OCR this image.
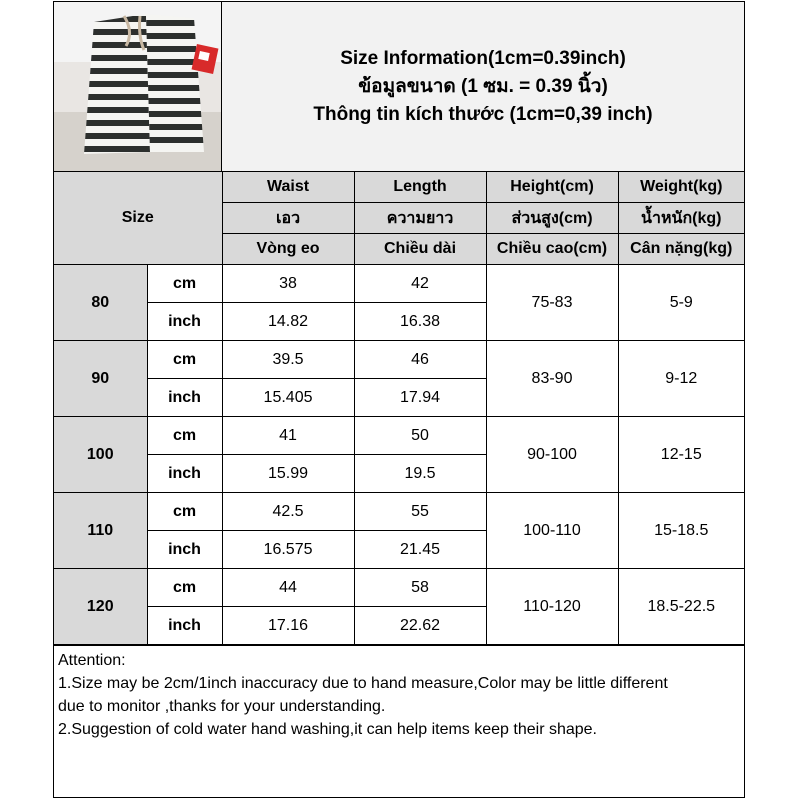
Size Information(1cm=0.39inch)
ข้อมูลขนาด (1 ซม. = 0.39 นิ้ว)
Thông tin kích thước (1cm=0,39 inch)
Size		Waist	Length	Height(cm)	Weight(kg)
		เอว	ความยาว	ส่วนสูง(cm)	น้ำหนัก(kg)
		Vòng eo	Chiều dài	Chiều cao(cm)	Cân nặng(kg)
80	cm	38	42	75-83	5-9
	inch	14.82	16.38		
90	cm	39.5	46	83-90	9-12
	inch	15.405	17.94		
100	cm	41	50	90-100	12-15
	inch	15.99	19.5		
110	cm	42.5	55	100-110	15-18.5
	inch	16.575	21.45		
120	cm	44	58	110-120	18.5-22.5
	inch	17.16	22.62		

Attention:

1.Size may be 2cm/1inch inaccuracy due to hand measure,Color may be little different

due to monitor ,thanks for your understanding.

2.Suggestion of cold water hand washing,it can help items keep their shape.
